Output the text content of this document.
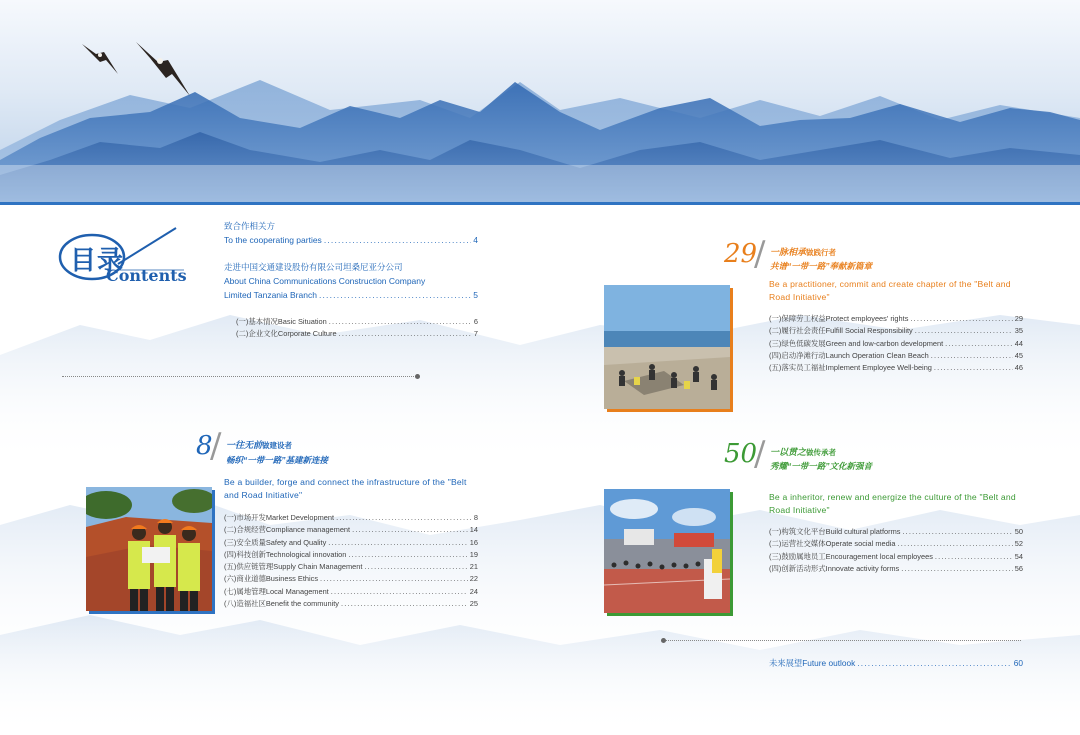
目录
Contents
致合作相关方
To the cooperating parties .....	4
走进中国交通建设股份有限公司坦桑尼亚分公司
About China Communications Construction Company
Limited Tanzania Branch .....	5
(一)基本情况Basic Situation .....	6
(二)企业文化Corporate Culture .....	7
8
/ 一往无前做建设者
畅织“一带一路”基建新连接
Be a builder, forge and connect the infrastructure of the "Belt and Road Initiative"
(一)市场开发Market Development .....	8
(二)合规经营Compliance management .....	14
(三)安全质量Safety and Quality .....	16
(四)科技创新Technological innovation .....	19
(五)供应链管理Supply Chain Management .....	21
(六)商业道德Business Ethics .....	22
(七)属地管理Local Management .....	24
(八)造福社区Benefit the community .....	25
29
/ 一脉相承做践行者
共谱“一带一路”奉献新篇章
Be a practitioner, commit and create chapter of the "Belt and Road Initiative"
(一)保障劳工权益Protect employees' rights .....	29
(二)履行社会责任Fulfill Social Responsibility .....	35
(三)绿色低碳发展Green and low-carbon development .....	44
(四)启动净滩行动Launch Operation Clean Beach .....	45
(五)落实员工福祉Implement Employee Well-being .....	46
50
/ 一以贯之做传承者
秀耀“一带一路”文化新强音
Be a inheritor, renew and energize the culture of the "Belt and Road Initiative"
(一)构筑文化平台Build cultural platforms .....	50
(二)运营社交媒体Operate social media .....	52
(三)鼓励属地员工Encouragement local employees .....	54
(四)创新活动形式Innovate activity forms .....	56
未来展望Future outlook .....	60
